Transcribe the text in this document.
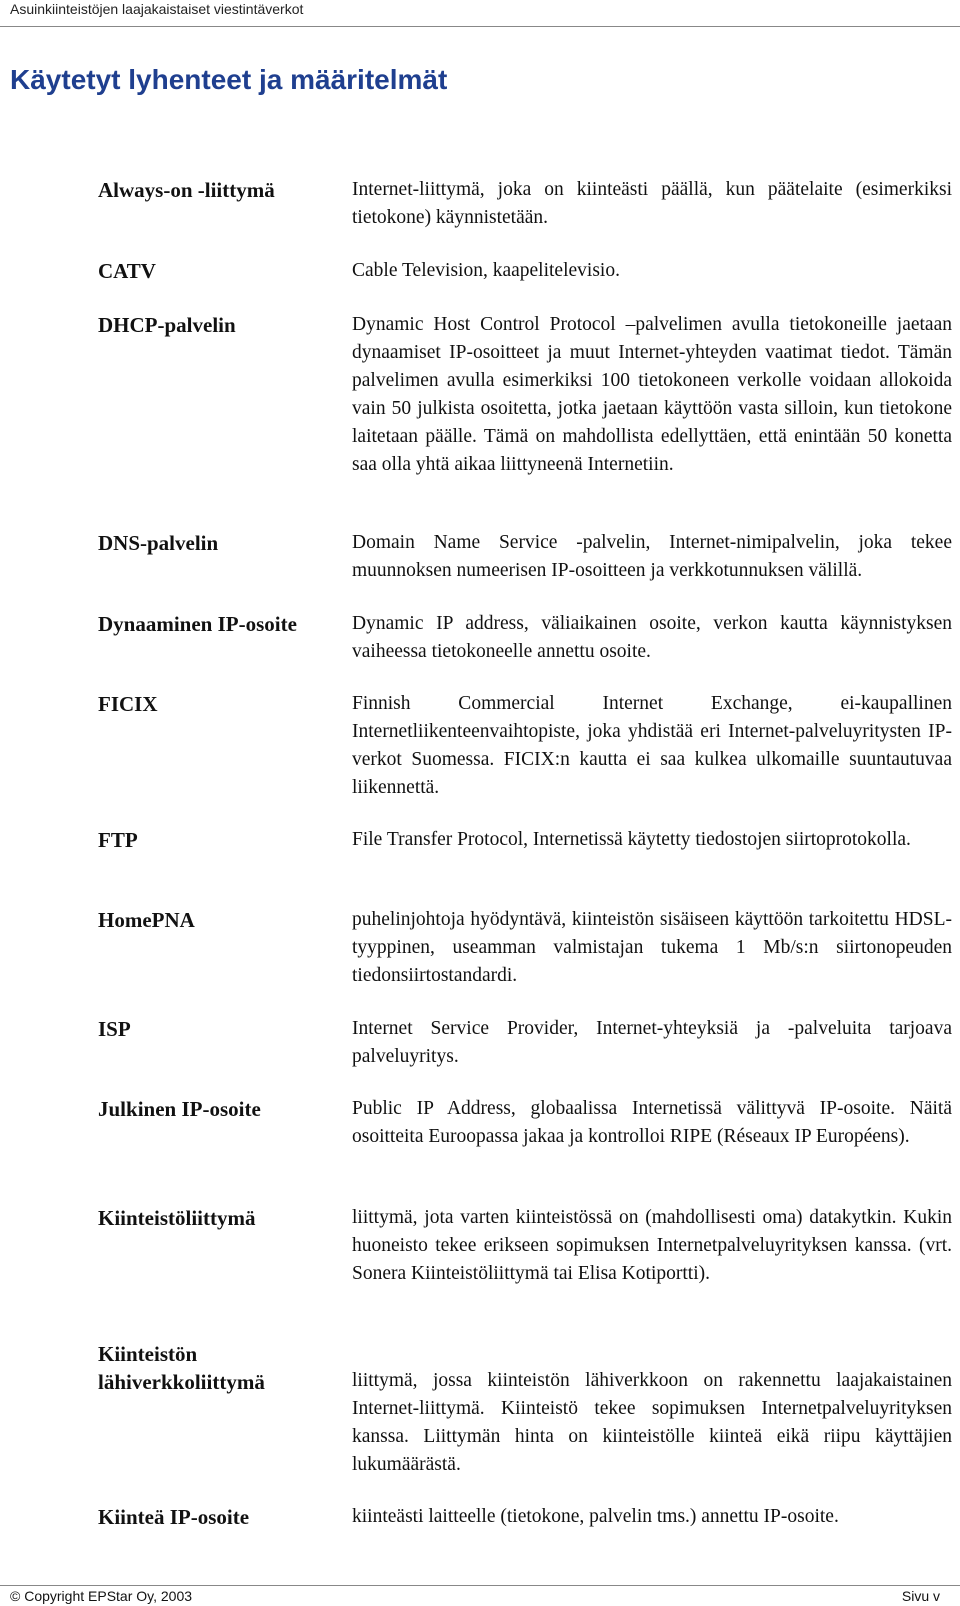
Asuinkiinteistöjen laajakaistaiset viestintäverkot
Käytetyt lyhenteet ja määritelmät
Always-on -liittymä	Internet-liittymä, joka on kiinteästi päällä, kun päätelaite (esimerkiksi tietokone) käynnistetään.

CATV	Cable Television, kaapelitelevisio.

DHCP-palvelin	Dynamic Host Control Protocol –palvelimen avulla tietokoneille jaetaan dynaamiset IP-osoitteet ja muut Internet-yhteyden vaatimat tiedot. Tämän palvelimen avulla esimerkiksi 100 tietokoneen verkolle voidaan allokoida vain 50 julkista osoitetta, jotka jaetaan käyttöön vasta silloin, kun tietokone laitetaan päälle. Tämä on mahdollista edellyttäen, että enintään 50 konetta saa olla yhtä aikaa liittyneenä Internetiin.

DNS-palvelin	Domain Name Service -palvelin, Internet-nimipalvelin, joka tekee muunnoksen numeerisen IP-osoitteen ja verkkotunnuksen välillä.

Dynaaminen IP-osoite	Dynamic IP address, väliaikainen osoite, verkon kautta käynnistyksen vaiheessa tietokoneelle annettu osoite.

FICIX	Finnish Commercial Internet Exchange, ei-kaupallinen Internetliikenteenvaihtopiste, joka yhdistää eri Internet-palveluyritysten IP-verkot Suomessa. FICIX:n kautta ei saa kulkea ulkomaille suuntautuvaa liikennettä.

FTP	File Transfer Protocol, Internetissä käytetty tiedostojen siirtoprotokolla.

HomePNA	puhelinjohtoja hyödyntävä, kiinteistön sisäiseen käyttöön tarkoitettu HDSL-tyyppinen, useamman valmistajan tukema 1 Mb/s:n siirtonopeuden tiedonsiirtostandardi.

ISP	Internet Service Provider, Internet-yhteyksiä ja -palveluita tarjoava palveluyritys.

Julkinen IP-osoite	Public IP Address, globaalissa Internetissä välittyvä IP-osoite. Näitä osoitteita Euroopassa jakaa ja kontrolloi RIPE (Réseaux IP Européens).

Kiinteistöliittymä	liittymä, jota varten kiinteistössä on (mahdollisesti oma) datakytkin. Kukin huoneisto tekee erikseen sopimuksen Internetpalveluyrityksen kanssa. (vrt. Sonera Kiinteistöliittymä tai Elisa Kotiportti).

Kiinteistön lähiverkkoliittymä	liittymä, jossa kiinteistön lähiverkkoon on rakennettu laajakaistainen Internet-liittymä. Kiinteistö tekee sopimuksen Internetpalveluyrityksen kanssa. Liittymän hinta on kiinteistölle kiinteä eikä riipu käyttäjien lukumäärästä.

Kiinteä IP-osoite	kiinteästi laitteelle (tietokone, palvelin tms.) annettu IP-osoite.

© Copyright EPStar Oy, 2003	Sivu v
